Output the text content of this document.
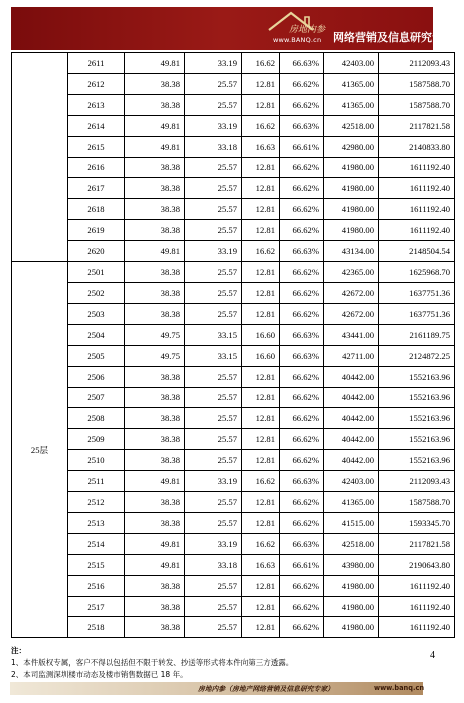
房地内参
www.BANQ.cn 网络营销及信息研究专家
	2611	49.81	33.19	16.62	66.63%	42403.00	2112093.43
	2612	38.38	25.57	12.81	66.62%	41365.00	1587588.70
	2613	38.38	25.57	12.81	66.62%	41365.00	1587588.70
	2614	49.81	33.19	16.62	66.63%	42518.00	2117821.58
	2615	49.81	33.18	16.63	66.61%	42980.00	2140833.80
	2616	38.38	25.57	12.81	66.62%	41980.00	1611192.40
	2617	38.38	25.57	12.81	66.62%	41980.00	1611192.40
	2618	38.38	25.57	12.81	66.62%	41980.00	1611192.40
	2619	38.38	25.57	12.81	66.62%	41980.00	1611192.40
	2620	49.81	33.19	16.62	66.63%	43134.00	2148504.54
25层	2501	38.38	25.57	12.81	66.62%	42365.00	1625968.70
	2502	38.38	25.57	12.81	66.62%	42672.00	1637751.36
	2503	38.38	25.57	12.81	66.62%	42672.00	1637751.36
	2504	49.75	33.15	16.60	66.63%	43441.00	2161189.75
	2505	49.75	33.15	16.60	66.63%	42711.00	2124872.25
	2506	38.38	25.57	12.81	66.62%	40442.00	1552163.96
	2507	38.38	25.57	12.81	66.62%	40442.00	1552163.96
	2508	38.38	25.57	12.81	66.62%	40442.00	1552163.96
	2509	38.38	25.57	12.81	66.62%	40442.00	1552163.96
	2510	38.38	25.57	12.81	66.62%	40442.00	1552163.96
	2511	49.81	33.19	16.62	66.63%	42403.00	2112093.43
	2512	38.38	25.57	12.81	66.62%	41365.00	1587588.70
	2513	38.38	25.57	12.81	66.62%	41515.00	1593345.70
	2514	49.81	33.19	16.62	66.63%	42518.00	2117821.58
	2515	49.81	33.18	16.63	66.61%	43980.00	2190643.80
	2516	38.38	25.57	12.81	66.62%	41980.00	1611192.40
	2517	38.38	25.57	12.81	66.62%	41980.00	1611192.40
	2518	38.38	25.57	12.81	66.62%	41980.00	1611192.40
注：
1、本件版权专属，客户不得以包括但不限于转发、抄送等形式将本件向第三方透露。
2、本司监测深圳楼市动态及楼市销售数据已 18 年。
4
房地内参（房地产网络营销及信息研究专家）	www.banq.cn
